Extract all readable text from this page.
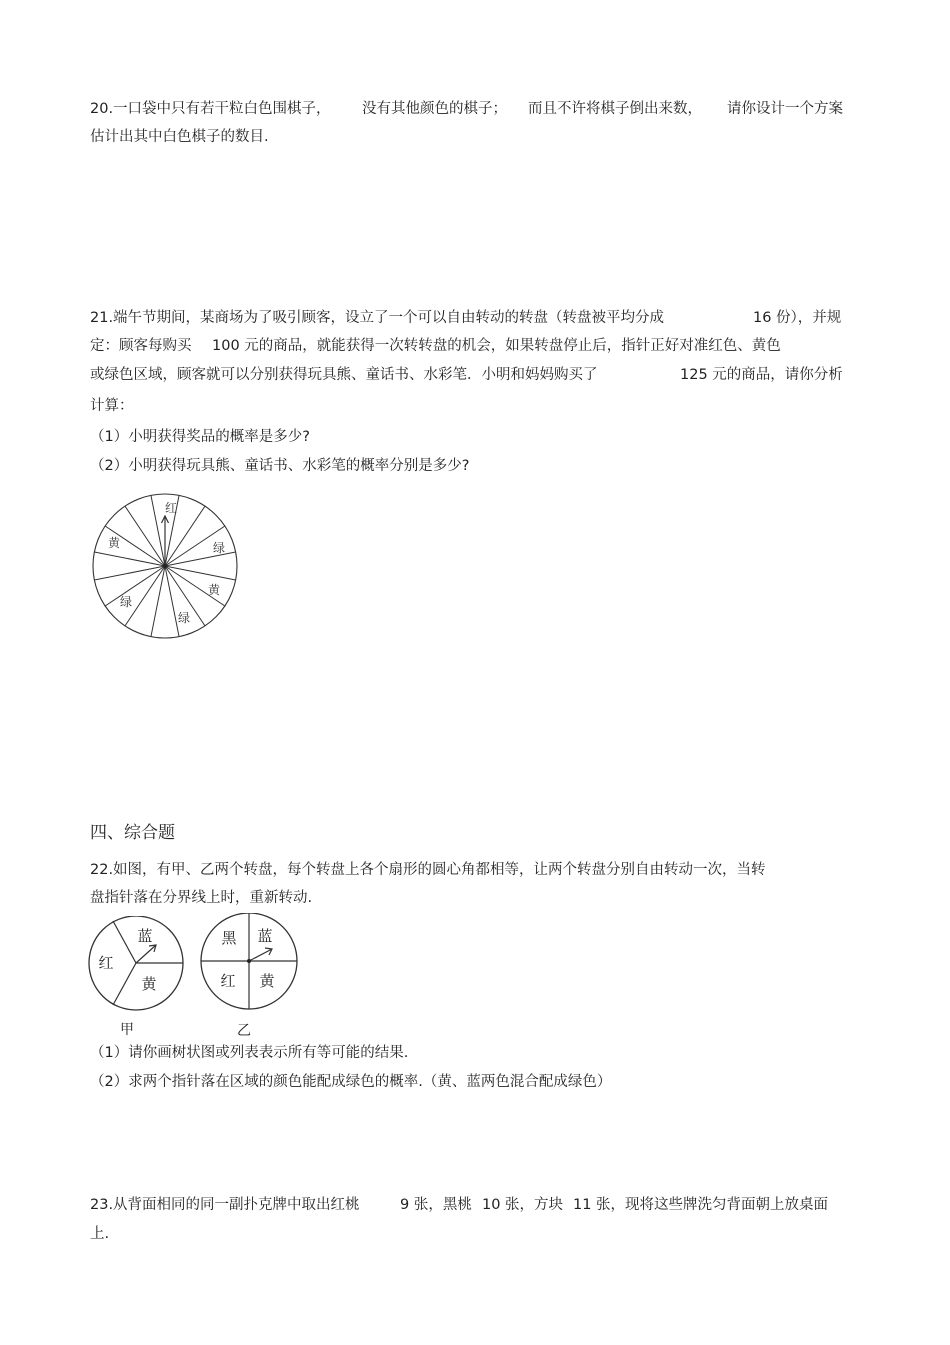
20.一口袋中只有若干粒白色围棋子， 没有其他颜色的棋子； 而且不许将棋子倒出来数， 请你设计一个方案
估计出其中白色棋子的数目.
21.端午节期间，某商场为了吸引顾客，设立了一个可以自由转动的转盘（转盘被平均分成	16 份），并规
定：顾客每购买 100 元的商品，就能获得一次转转盘的机会，如果转盘停止后，指针正好对准红色、黄色
或绿色区域，顾客就可以分别获得玩具熊、童话书、水彩笔．小明和妈妈购买了	125 元的商品，请你分析
计算：
（1）小明获得奖品的概率是多少?
（2）小明获得玩具熊、童话书、水彩笔的概率分别是多少?
红
黄	绿
黄
绿
绿
四、综合题
22.如图，有甲、乙两个转盘，每个转盘上各个扇形的圆心角都相等，让两个转盘分别自由转动一次，当转
盘指针落在分界线上时，重新转动.
蓝
红
黄
甲
黑 蓝
红 黄
乙
（1）请你画树状图或列表表示所有等可能的结果.
（2）求两个指针落在区域的颜色能配成绿色的概率.（黄、蓝两色混合配成绿色）
23.从背面相同的同一副扑克牌中取出红桃	9 张，黑桃 10 张，方块 11 张，现将这些牌洗匀背面朝上放桌面
上.
